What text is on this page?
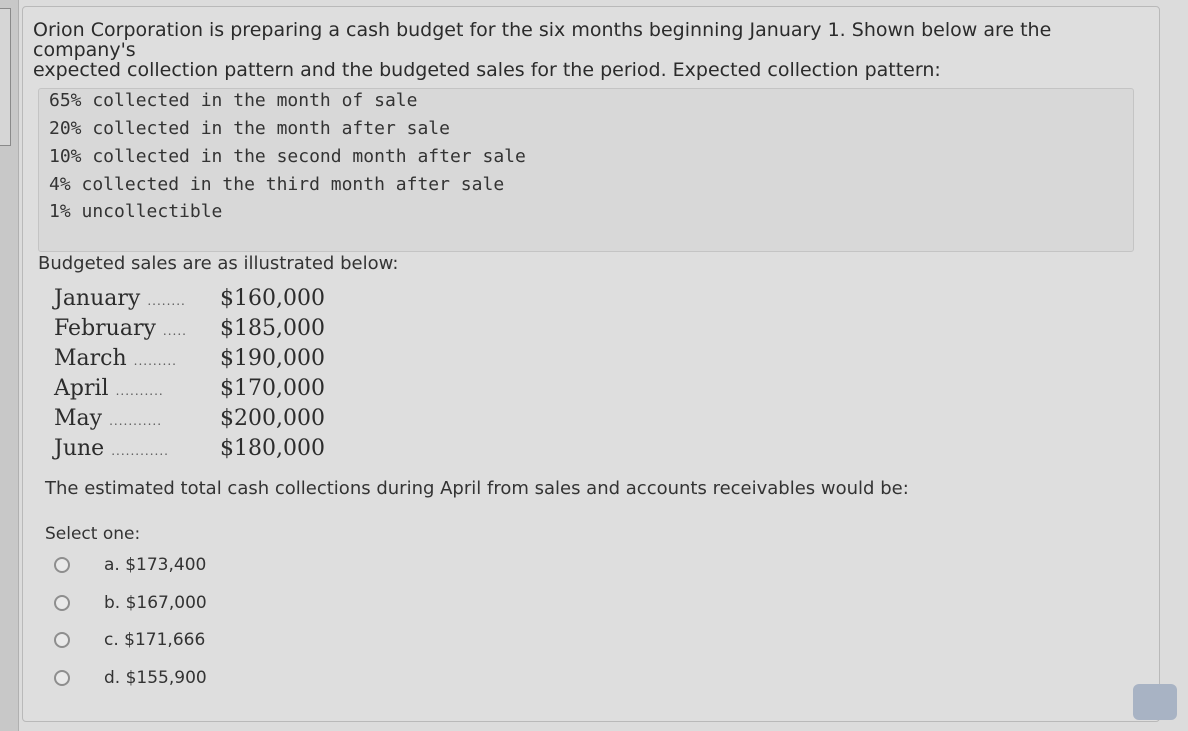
Orion Corporation is preparing a cash budget for the six months beginning January 1. Shown below are the company's
expected collection pattern and the budgeted sales for the period. Expected collection pattern:
65% collected in the month of sale
20% collected in the month after sale
10% collected in the second month after sale
4% collected in the third month after sale
1% uncollectible
Budgeted sales are as illustrated below:
January ........ $160,000
February ..... $185,000
March ......... $190,000
April ..........	$170,000
May ...........	$200,000
June ............ $180,000
The estimated total cash collections during April from sales and accounts receivables would be:
Select one:
a. $173,400
b. $167,000
c. $171,666
d. $155,900
